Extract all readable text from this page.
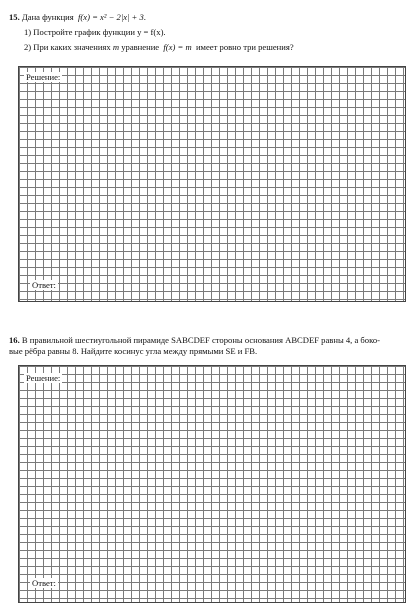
15. Дана функция f(x) = x² − 2|x| + 3.
1) Постройте график функции y = f(x).
2) При каких значениях m уравнение f(x) = m имеет ровно три решения?
Решение:
Ответ:
16. В правильной шестиугольной пирамиде SABCDEF стороны основания ABCDEF равны 4, а боко-
вые рёбра равны 8. Найдите косинус угла между прямыми SE и FB.
Решение:
Ответ:
